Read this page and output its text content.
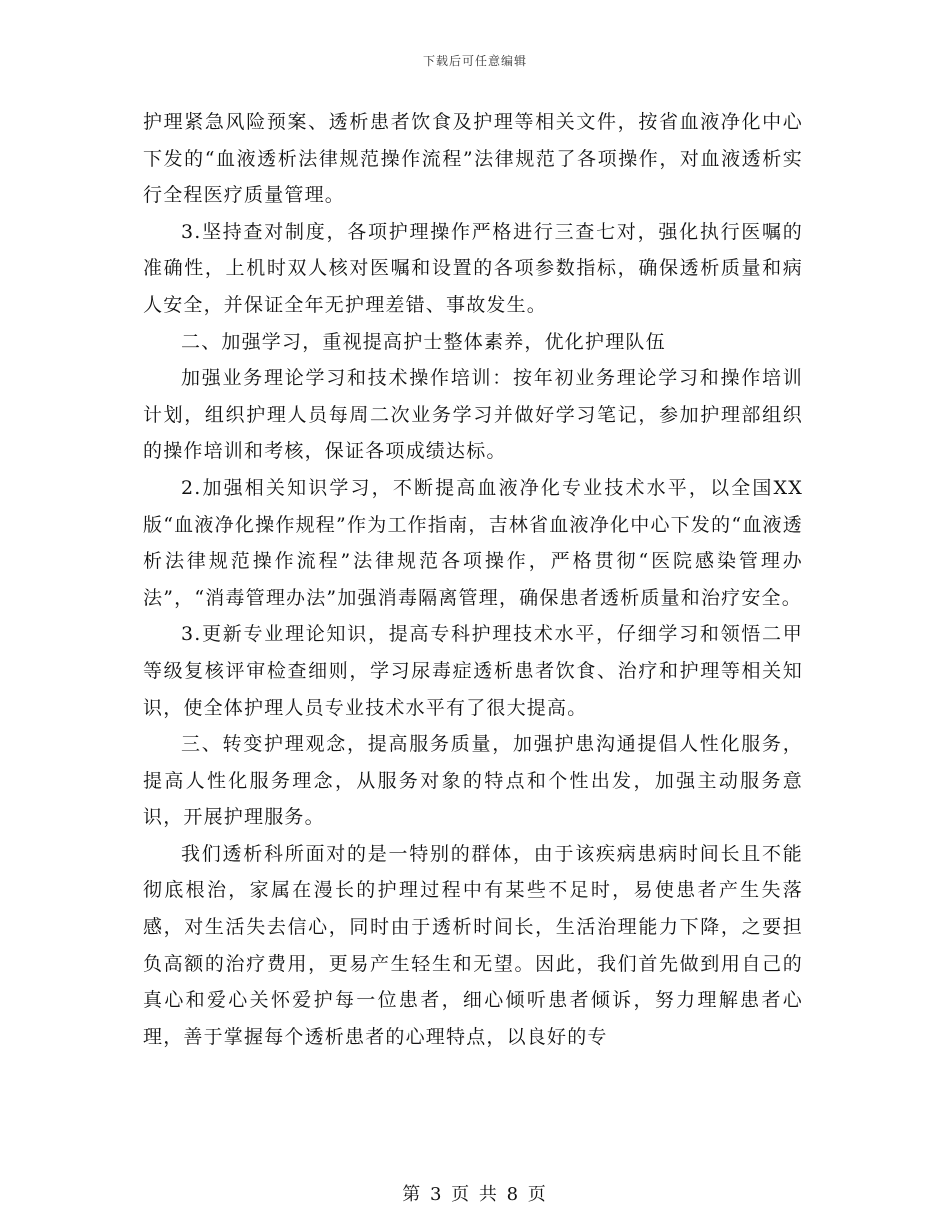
下载后可任意编辑

护理紧急风险预案、透析患者饮食及护理等相关文件，按省血液净化中心下发的“血液透析法律规范操作流程”法律规范了各项操作，对血液透析实行全程医疗质量管理。

3.坚持查对制度，各项护理操作严格进行三查七对，强化执行医嘱的准确性，上机时双人核对医嘱和设置的各项参数指标，确保透析质量和病人安全，并保证全年无护理差错、事故发生。

二、加强学习，重视提高护士整体素养，优化护理队伍

加强业务理论学习和技术操作培训：按年初业务理论学习和操作培训计划，组织护理人员每周二次业务学习并做好学习笔记，参加护理部组织的操作培训和考核，保证各项成绩达标。

2.加强相关知识学习，不断提高血液净化专业技术水平，以全国XX版“血液净化操作规程”作为工作指南，吉林省血液净化中心下发的“血液透析法律规范操作流程”法律规范各项操作，严格贯彻“医院感染管理办法”，“消毒管理办法”加强消毒隔离管理，确保患者透析质量和治疗安全。

3.更新专业理论知识，提高专科护理技术水平，仔细学习和领悟二甲等级复核评审检查细则，学习尿毒症透析患者饮食、治疗和护理等相关知识，使全体护理人员专业技术水平有了很大提高。

三、转变护理观念，提高服务质量，加强护患沟通提倡人性化服务，提高人性化服务理念，从服务对象的特点和个性出发，加强主动服务意识，开展护理服务。

我们透析科所面对的是一特别的群体，由于该疾病患病时间长且不能彻底根治，家属在漫长的护理过程中有某些不足时，易使患者产生失落感，对生活失去信心，同时由于透析时间长，生活治理能力下降，之要担负高额的治疗费用，更易产生轻生和无望。因此，我们首先做到用自己的真心和爱心关怀爱护每一位患者，细心倾听患者倾诉，努力理解患者心理，善于掌握每个透析患者的心理特点，以良好的专

第 3 页 共 8 页
